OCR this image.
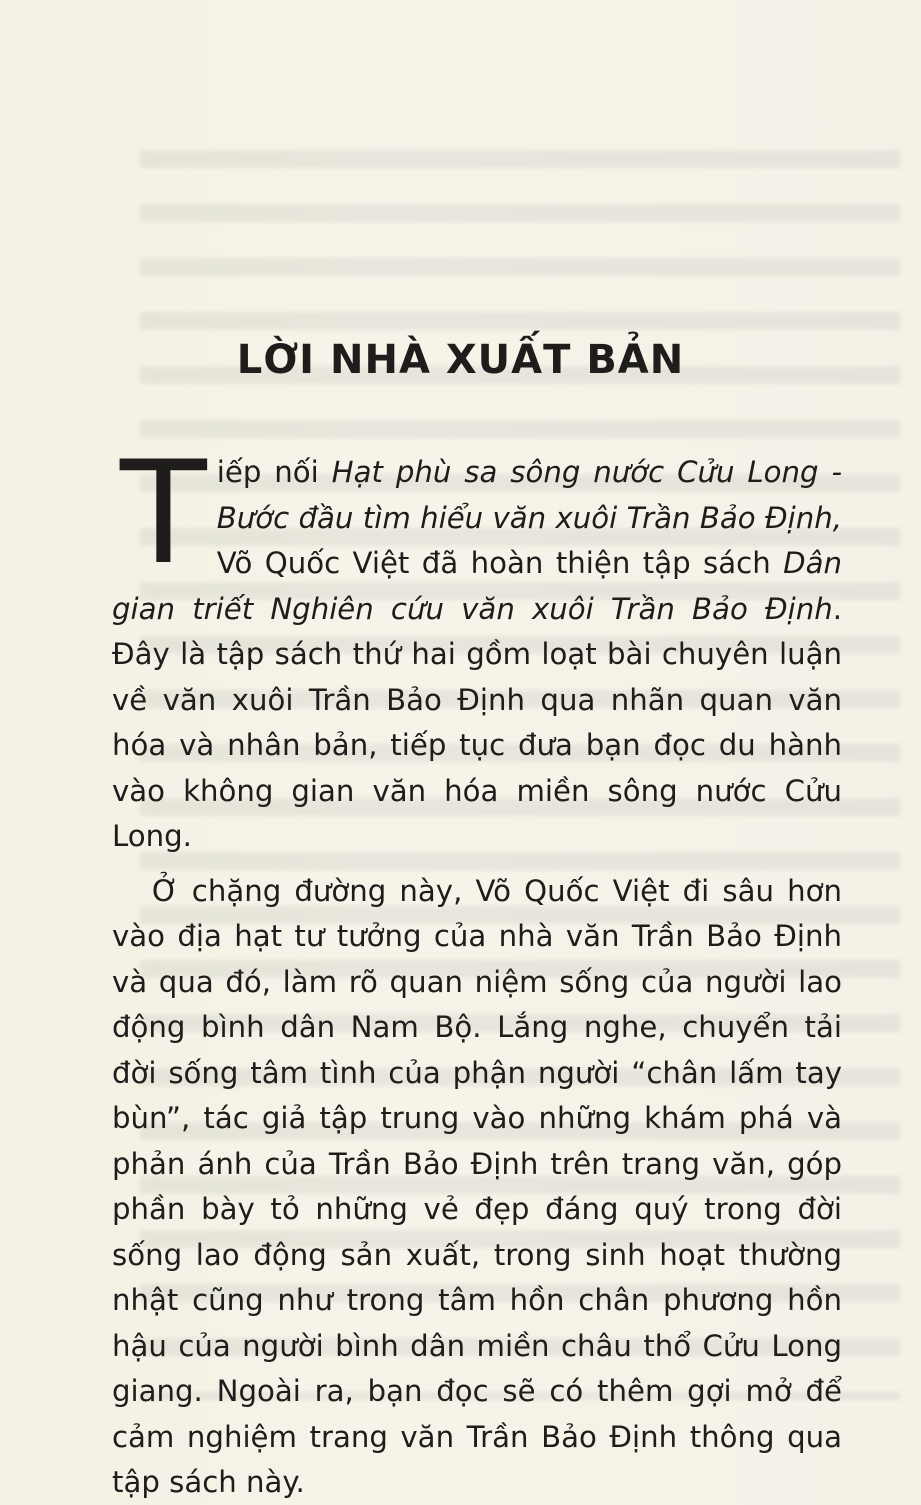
LỜI NHÀ XUẤT BẢN

Tiếp nối Hạt phù sa sông nước Cửu Long - Bước đầu tìm hiểu văn xuôi Trần Bảo Định, Võ Quốc Việt đã hoàn thiện tập sách Dân gian triết Nghiên cứu văn xuôi Trần Bảo Định. Đây là tập sách thứ hai gồm loạt bài chuyên luận về văn xuôi Trần Bảo Định qua nhãn quan văn hóa và nhân bản, tiếp tục đưa bạn đọc du hành vào không gian văn hóa miền sông nước Cửu Long.

Ở chặng đường này, Võ Quốc Việt đi sâu hơn vào địa hạt tư tưởng của nhà văn Trần Bảo Định và qua đó, làm rõ quan niệm sống của người lao động bình dân Nam Bộ. Lắng nghe, chuyển tải đời sống tâm tình của phận người “chân lấm tay bùn”, tác giả tập trung vào những khám phá và phản ánh của Trần Bảo Định trên trang văn, góp phần bày tỏ những vẻ đẹp đáng quý trong đời sống lao động sản xuất, trong sinh hoạt thường nhật cũng như trong tâm hồn chân phương hồn hậu của người bình dân miền châu thổ Cửu Long giang. Ngoài ra, bạn đọc sẽ có thêm gợi mở để cảm nghiệm trang văn Trần Bảo Định thông qua tập sách này.
